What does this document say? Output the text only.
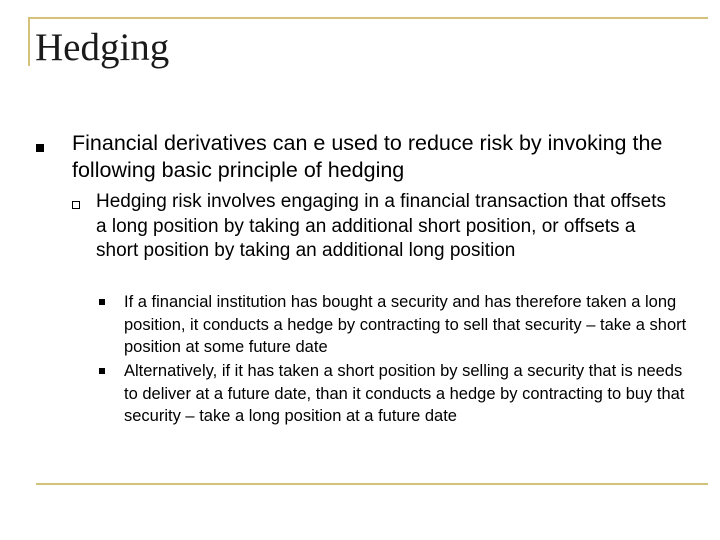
Hedging

Financial derivatives can e used to reduce risk by invoking the following basic principle of hedging

Hedging risk involves engaging in a financial transaction that offsets a long position by taking an additional short position, or offsets a short position by taking an additional long position

If a financial institution has bought a security and has therefore taken a long position, it conducts a hedge by contracting to sell that security – take a short position at some future date

Alternatively, if it has taken a short position by selling a security that is needs to deliver at a future date, than it conducts a hedge by contracting to buy that security – take a long position at a future date
